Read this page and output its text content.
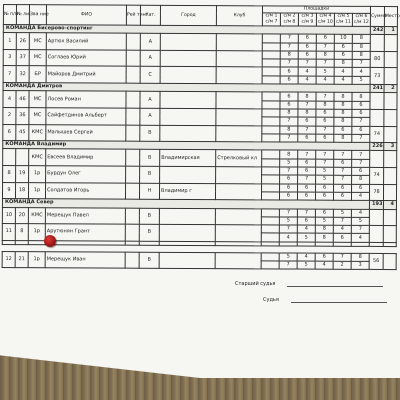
№ п/п	№ ли.	Зва ние	ФИО	Рей тинг	Кат.	Город	Клуб	Площадки						Сумма	Место
								с/м 1 с/м 7	с/м 2 с/м 8	с/м 3 с/м 9	с/м 4 с/м 10	с/м 5 с/м 11	с/м 6 с/м 12		
КОМАНДА Бисерово-спортинг														242	1
1	26	МС	Артюх Василий		А				7	6	6	10	8		
									7	6	7	6	8		
3	37	МС	Соглаев Юрий		А				8	6	8	6	8	80	
									7	7	7	8	7		
7	32	БР	Майоров Дмитрий		С				6	4	5	4	4	73	
									6	4	4	4	5		
КОМАНДА Дмитров														241	2
4	46	МС	Лосев Роман		А				6	8	7	8	8		
									6	7	8	8	6		
2	36	МС	Сайфетдинов Альберт		А				8	8	6	8	6		
									7	6	6	8	7		
6	45	КМС	Малышев Сергей		В				8	7	7	6	6	74	
									7	6	6	8	7		
КОМАНДА Владимир														226	3
		КМС	Евсеев Владимир		В	Владимирская	Стрелковый кл		8	7	7	7	7		
									5	6	7	6	7		
8	19	1р	Бурдун Олег		В				7	6	5	7	6	74	
									6	7	5	7	8		
9	18	1р	Солдатов Игорь		Н	Владимир г			6	6	6	6	6	78	
									6	6	6	6	4		
КОМАНДА Север														193	4
10	20	КМС	Мерещук Павел		В				7	7	6	5	4		
									5	6	5	7	5		
11	8	1р	Арутюнян Грант		В				7	4	8	4	7		
									4	5	8	6	4		

12	21	1р	Мерещук Иван		В				5	4	6	7	8	56	
									7	5	4	2	3		
Старший судья
Судья
